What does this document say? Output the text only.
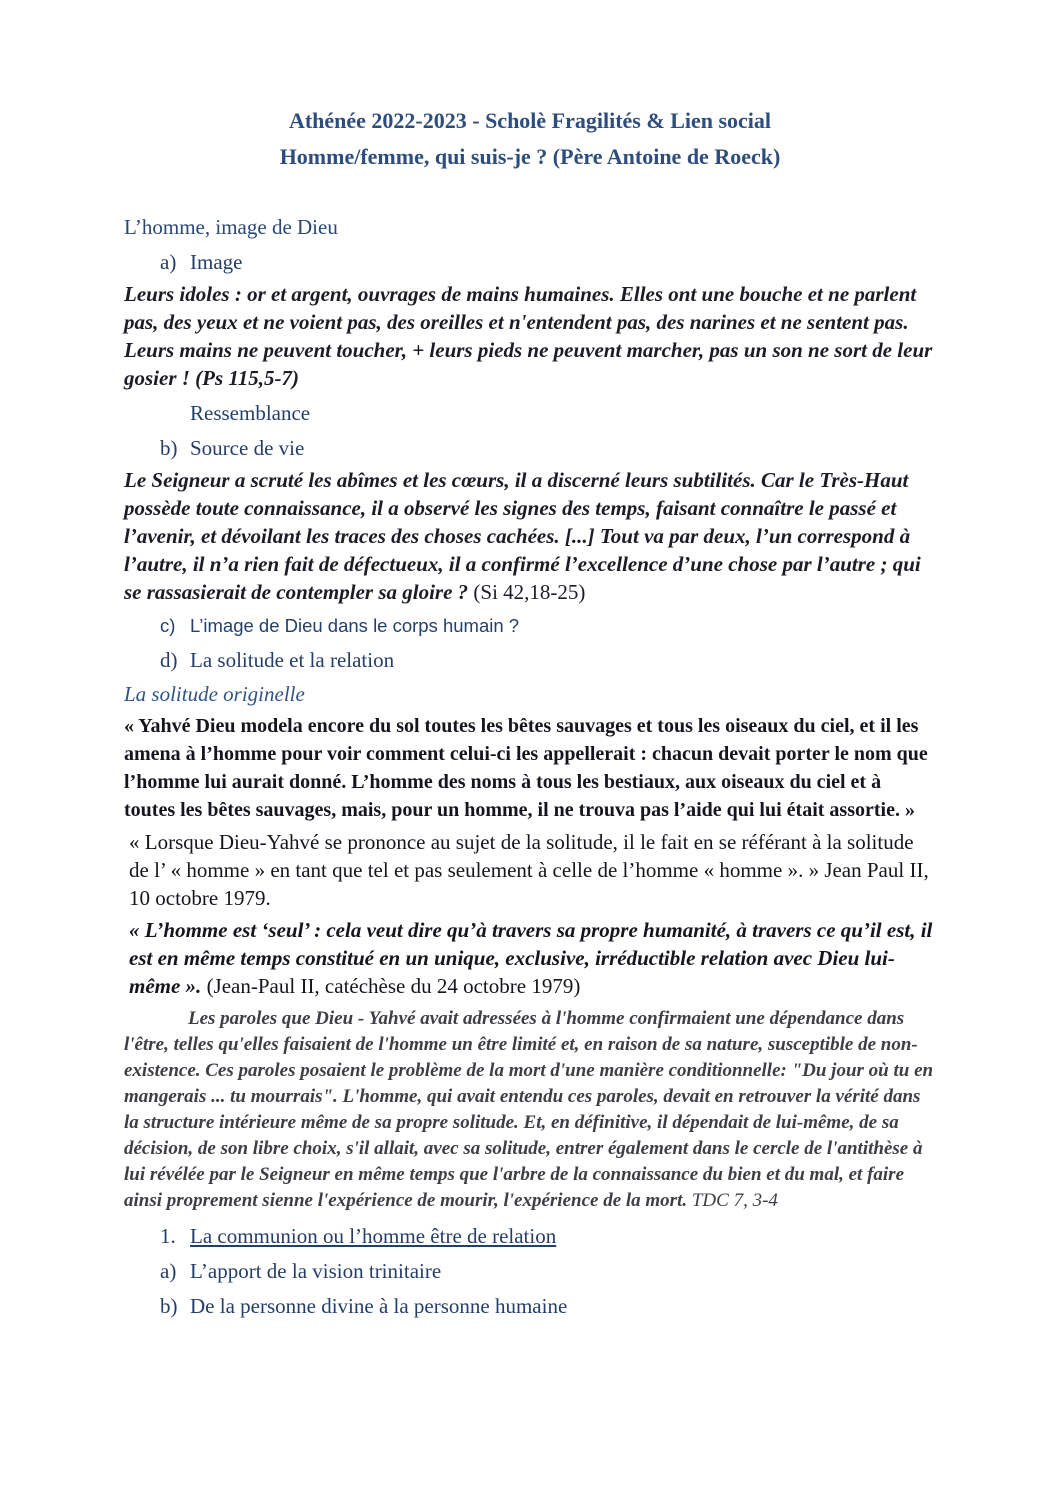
Athénée 2022-2023 - Scholè Fragilités & Lien social
Homme/femme, qui suis-je ? (Père Antoine de Roeck)
L’homme, image de Dieu
a) Image
Leurs idoles : or et argent, ouvrages de mains humaines. Elles ont une bouche et ne parlent pas, des yeux et ne voient pas, des oreilles et n'entendent pas, des narines et ne sentent pas. Leurs mains ne peuvent toucher, + leurs pieds ne peuvent marcher, pas un son ne sort de leur gosier ! (Ps 115,5-7)
Ressemblance
b) Source de vie
Le Seigneur a scruté les abîmes et les cœurs, il a discerné leurs subtilités. Car le Très-Haut possède toute connaissance, il a observé les signes des temps, faisant connaître le passé et l’avenir, et dévoilant les traces des choses cachées. [...] Tout va par deux, l’un correspond à l’autre, il n’a rien fait de défectueux, il a confirmé l’excellence d’une chose par l’autre ; qui se rassasierait de contempler sa gloire ? (Si 42,18-25)
c) L’image de Dieu dans le corps humain ?
d) La solitude et la relation
La solitude originelle
« Yahvé Dieu modela encore du sol toutes les bêtes sauvages et tous les oiseaux du ciel, et il les amena à l’homme pour voir comment celui-ci les appellerait : chacun devait porter le nom que l’homme lui aurait donné. L’homme des noms à tous les bestiaux, aux oiseaux du ciel et à toutes les bêtes sauvages, mais, pour un homme, il ne trouva pas l’aide qui lui était assortie. »
« Lorsque Dieu-Yahvé se prononce au sujet de la solitude, il le fait en se référant à la solitude de l’ « homme » en tant que tel et pas seulement à celle de l’homme « homme ». » Jean Paul II, 10 octobre 1979.
« L’homme est ‘seul’ : cela veut dire qu’à travers sa propre humanité, à travers ce qu’il est, il est en même temps constitué en un unique, exclusive, irréductible relation avec Dieu lui-même ». (Jean-Paul II, catéchèse du 24 octobre 1979)
Les paroles que Dieu - Yahvé avait adressées à l'homme confirmaient une dépendance dans l'être, telles qu'elles faisaient de l'homme un être limité et, en raison de sa nature, susceptible de non-existence. Ces paroles posaient le problème de la mort d'une manière conditionnelle: "Du jour où tu en mangerais ... tu mourrais". L'homme, qui avait entendu ces paroles, devait en retrouver la vérité dans la structure intérieure même de sa propre solitude. Et, en définitive, il dépendait de lui-même, de sa décision, de son libre choix, s'il allait, avec sa solitude, entrer également dans le cercle de l'antithèse à lui révélée par le Seigneur en même temps que l'arbre de la connaissance du bien et du mal, et faire ainsi proprement sienne l'expérience de mourir, l'expérience de la mort. TDC 7, 3-4
1. La communion ou l’homme être de relation
a) L’apport de la vision trinitaire
b) De la personne divine à la personne humaine
